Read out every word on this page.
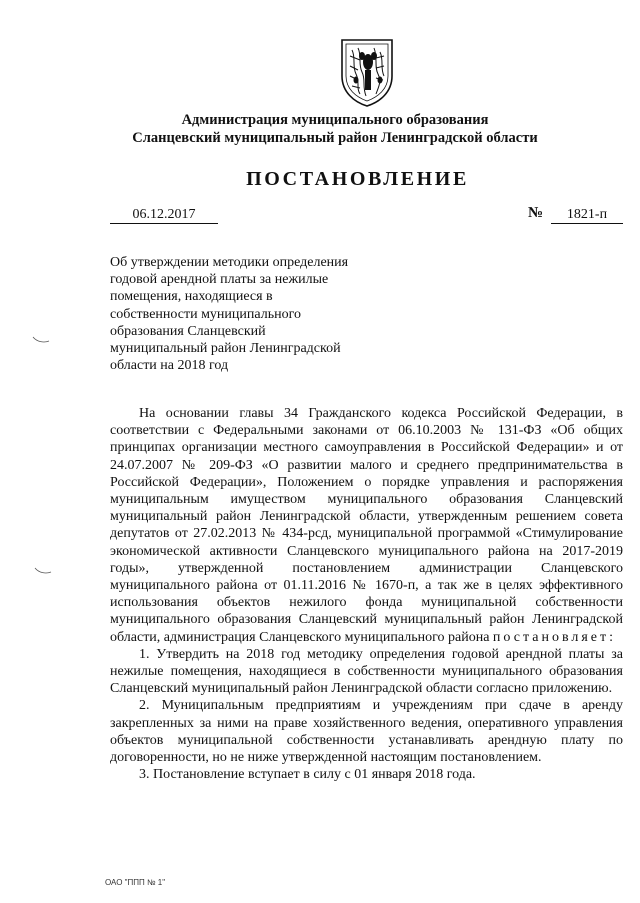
Администрация муниципального образования
Сланцевский муниципальный район Ленинградской области
ПОСТАНОВЛЕНИЕ
06.12.2017	№	1821-п
Об утверждении методики определения
годовой арендной платы за нежилые
помещения, находящиеся в
собственности муниципального
образования Сланцевский
муниципальный район Ленинградской
области на 2018 год

На основании главы 34 Гражданского кодекса Российской Федерации, в соответствии с Федеральными законами от 06.10.2003 № 131-ФЗ «Об общих принципах организации местного самоуправления в Российской Федерации» и от 24.07.2007 № 209-ФЗ «О развитии малого и среднего предпринимательства в Российской Федерации», Положением о порядке управления и распоряжения муниципальным имуществом муниципального образования Сланцевский муниципальный район Ленинградской области, утвержденным решением совета депутатов от 27.02.2013 № 434-рсд, муниципальной программой «Стимулирование экономической активности Сланцевского муниципального района на 2017-2019 годы», утвержденной постановлением администрации Сланцевского муниципального района от 01.11.2016 № 1670-п, а так же в целях эффективного использования объектов нежилого фонда муниципальной собственности муниципального образования Сланцевский муниципальный район Ленинградской области, администрация Сланцевского муниципального района постановляет:

1. Утвердить на 2018 год методику определения годовой арендной платы за нежилые помещения, находящиеся в собственности муниципального образования Сланцевский муниципальный район Ленинградской области согласно приложению.

2. Муниципальным предприятиям и учреждениям при сдаче в аренду закрепленных за ними на праве хозяйственного ведения, оперативного управления объектов муниципальной собственности устанавливать арендную плату по договоренности, но не ниже утвержденной настоящим постановлением.

3. Постановление вступает в силу с 01 января 2018 года.

ОАО "ППП № 1"
